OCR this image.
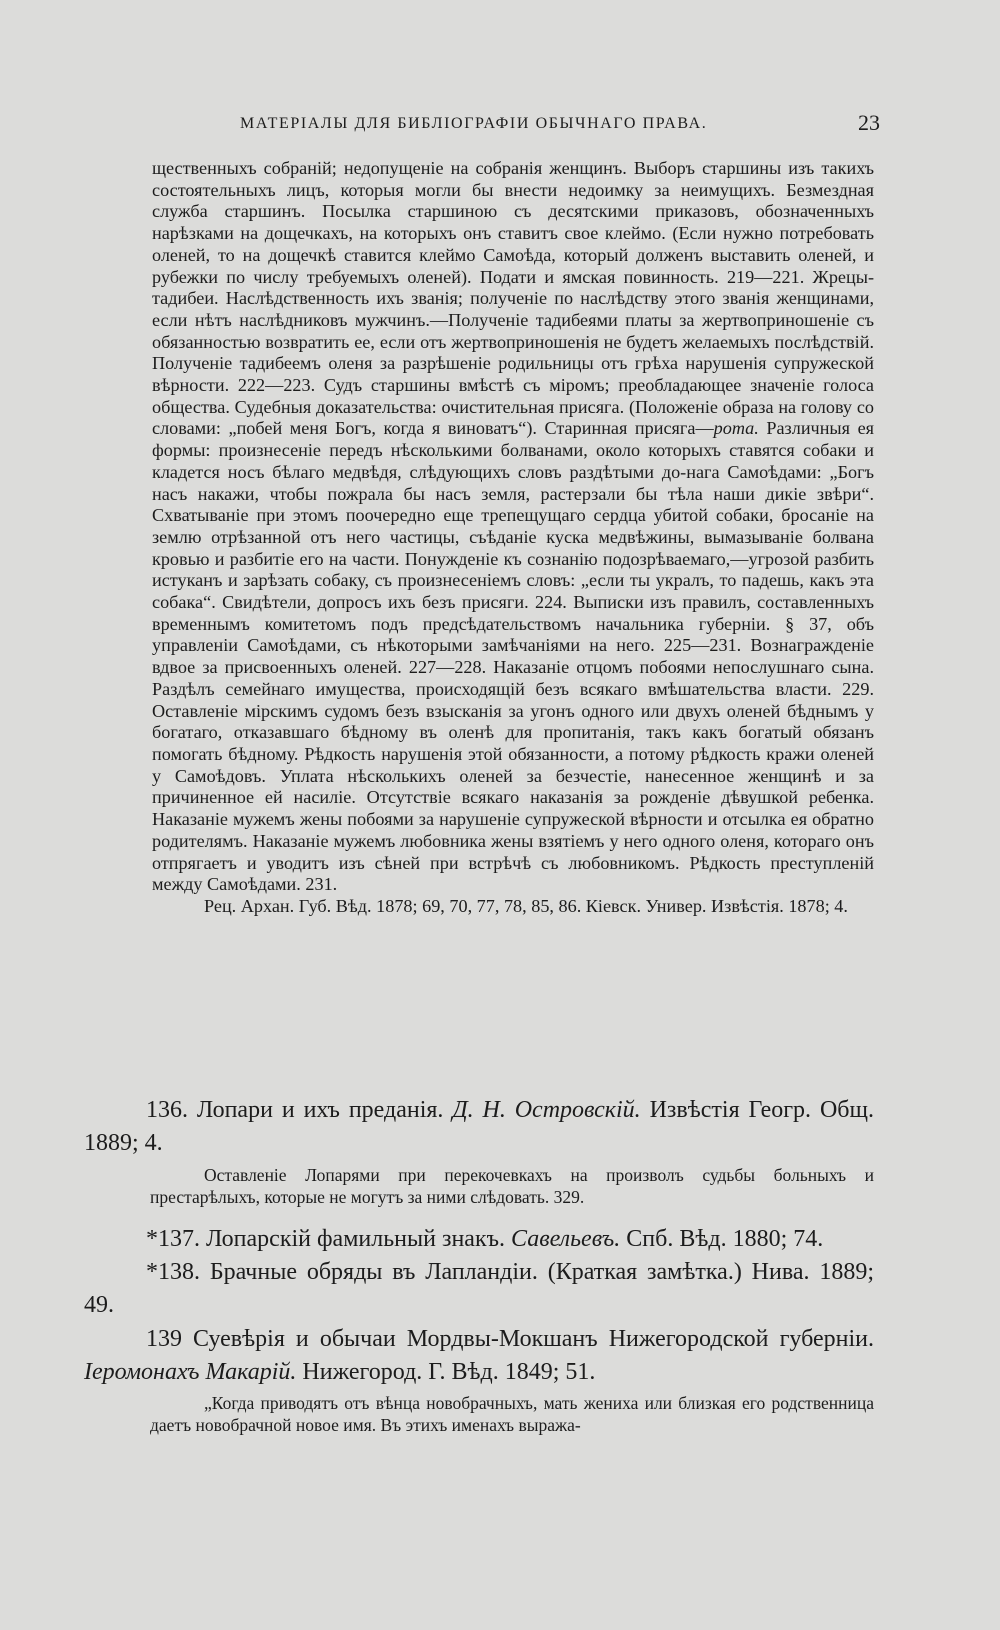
МАТЕРІАЛЫ ДЛЯ БИБЛІОГРАФІИ ОБЫЧНАГО ПРАВА.	23

щественныхъ собраній; недопущеніе на собранія женщинъ. Выборъ старшины изъ такихъ состоятельныхъ лицъ, которыя могли бы внести недоимку за неимущихъ. Безмездная служба старшинъ. Посылка старшиною съ десятскими приказовъ, обозначенныхъ нарѣзками на дощечкахъ, на которыхъ онъ ставитъ свое клеймо. (Если нужно потребовать оленей, то на дощечкѣ ставится клеймо Самоѣда, который долженъ выставить оленей, и рубежки по числу требуемыхъ оленей). Подати и ямская повинность. 219—221. Жрецы-тадибеи. Наслѣдственность ихъ званія; полученіе по наслѣдству этого званія женщинами, если нѣтъ наслѣдниковъ мужчинъ.—Полученіе тадибеями платы за жертвоприношеніе съ обязанностью возвратить ее, если отъ жертвоприношенія не будетъ желаемыхъ послѣдствій. Полученіе тадибеемъ оленя за разрѣшеніе родильницы отъ грѣха нарушенія супружеской вѣрности. 222—223. Судъ старшины вмѣстѣ съ міромъ; преобладающее значеніе голоса общества. Судебныя доказательства: очистительная присяга. (Положеніе образа на голову со словами: „побей меня Богъ, когда я виноватъ“). Старинная присяга—рота. Различныя ея формы: произнесеніе передъ нѣсколькими болванами, около которыхъ ставятся собаки и кладется носъ бѣлаго медвѣдя, слѣдующихъ словъ раздѣтыми до-нага Самоѣдами: „Богъ насъ накажи, чтобы пожрала бы насъ земля, растерзали бы тѣла наши дикіе звѣри“. Схватываніе при этомъ поочередно еще трепещущаго сердца убитой собаки, бросаніе на землю отрѣзанной отъ него частицы, съѣданіе куска медвѣжины, вымазываніе болвана кровью и разбитіе его на части. Понужденіе къ сознанію подозрѣваемаго,—угрозой разбить истуканъ и зарѣзать собаку, съ произнесеніемъ словъ: „если ты укралъ, то падешь, какъ эта собака“. Свидѣтели, допросъ ихъ безъ присяги. 224. Выписки изъ правилъ, составленныхъ временнымъ комитетомъ подъ предсѣдательствомъ начальника губерніи. § 37, объ управленіи Самоѣдами, съ нѣкоторыми замѣчаніями на него. 225—231. Вознагражденіе вдвое за присвоенныхъ оленей. 227—228. Наказаніе отцомъ побоями непослушнаго сына. Раздѣлъ семейнаго имущества, происходящій безъ всякаго вмѣшательства власти. 229. Оставленіе мірскимъ судомъ безъ взысканія за угонъ одного или двухъ оленей бѣднымъ у богатаго, отказавшаго бѣдному въ оленѣ для пропитанія, такъ какъ богатый обязанъ помогать бѣдному. Рѣдкость нарушенія этой обязанности, а потому рѣдкость кражи оленей у Самоѣдовъ. Уплата нѣсколькихъ оленей за безчестіе, нанесенное женщинѣ и за причиненное ей насиліе. Отсутствіе всякаго наказанія за рожденіе дѣвушкой ребенка. Наказаніе мужемъ жены побоями за нарушеніе супружеской вѣрности и отсылка ея обратно родителямъ. Наказаніе мужемъ любовника жены взятіемъ у него одного оленя, котораго онъ отпрягаетъ и уводитъ изъ сѣней при встрѣчѣ съ любовникомъ. Рѣдкость преступленій между Самоѣдами. 231.

Рец. Архан. Губ. Вѣд. 1878; 69, 70, 77, 78, 85, 86. Кіевск. Универ. Извѣстія. 1878; 4.

136. Лопари и ихъ преданія. Д. Н. Островскій. Извѣстія Геогр. Общ. 1889; 4.

Оставленіе Лопарями при перекочевкахъ на произволъ судьбы больныхъ и престарѣлыхъ, которые не могутъ за ними слѣдовать. 329.

*137. Лопарскій фамильный знакъ. Савельевъ. Спб. Вѣд. 1880; 74.

*138. Брачные обряды въ Лапландіи. (Краткая замѣтка.) Нива. 1889; 49.

139 Суевѣрія и обычаи Мордвы-Мокшанъ Нижегородской губерніи. Іеромонахъ Макарій. Нижегород. Г. Вѣд. 1849; 51.

„Когда приводятъ отъ вѣнца новобрачныхъ, мать жениха или близкая его родственница даетъ новобрачной новое имя. Въ этихъ именахъ выража-
